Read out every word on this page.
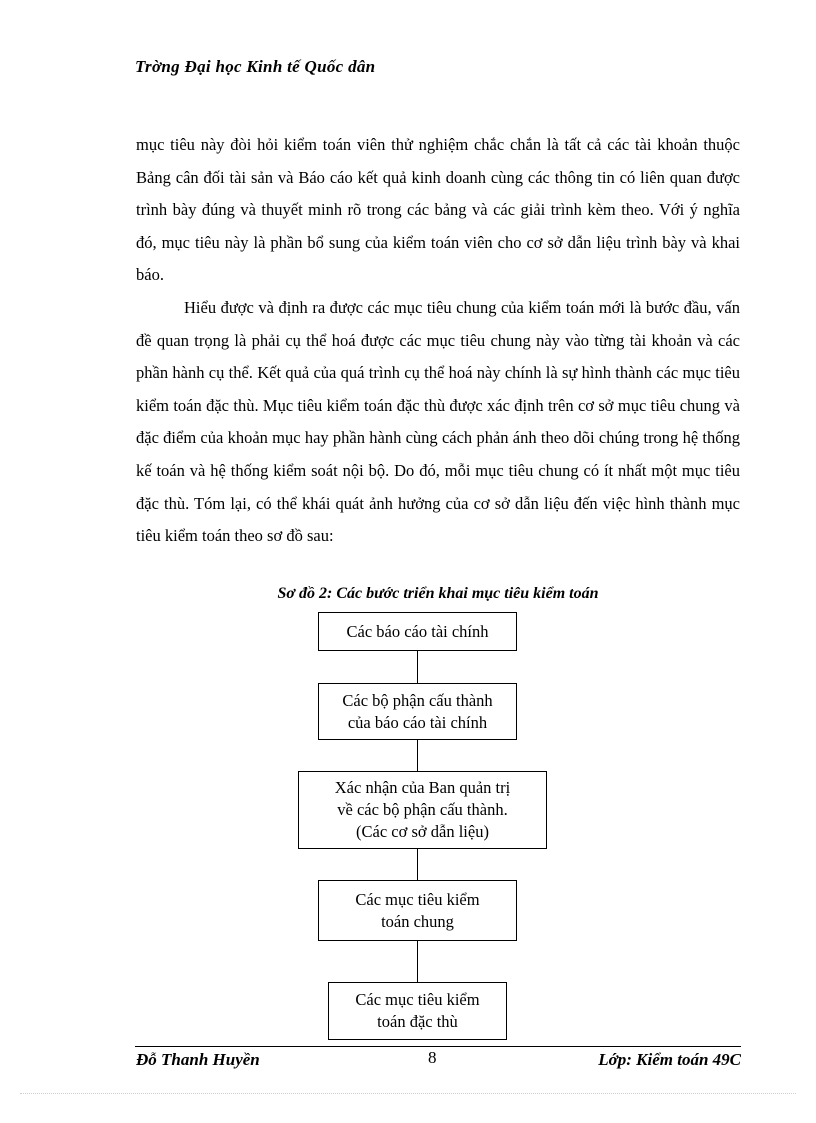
Trờng Đại học Kinh tế Quốc dân

mục tiêu này đòi hỏi kiểm toán viên thử nghiệm chắc chắn là tất cả các tài khoản thuộc Bảng cân đối tài sản và Báo cáo kết quả kinh doanh cùng các thông tin có liên quan được trình bày đúng và thuyết minh rõ trong các bảng và các giải trình kèm theo. Với ý nghĩa đó, mục tiêu này là phần bổ sung của kiểm toán viên cho cơ sở dẫn liệu trình bày và khai báo.

Hiểu được và định ra được các mục tiêu chung của kiểm toán mới là bước đầu, vấn đề quan trọng là phải cụ thể hoá được các mục tiêu chung này vào từng tài khoản và các phần hành cụ thể. Kết quả của quá trình cụ thể hoá này chính là sự hình thành các mục tiêu kiểm toán đặc thù. Mục tiêu kiểm toán đặc thù được xác định trên cơ sở mục tiêu chung và đặc điểm của khoản mục hay phần hành cùng cách phản ánh theo dõi chúng trong hệ thống kế toán và hệ thống kiểm soát nội bộ. Do đó, mỗi mục tiêu chung có ít nhất một mục tiêu đặc thù. Tóm lại, có thể khái quát ảnh hưởng của cơ sở dẫn liệu đến việc hình thành mục tiêu kiểm toán theo sơ đồ sau:

Sơ đồ 2: Các bước triển khai mục tiêu kiểm toán
Các báo cáo tài chính
Các bộ phận cấu thành
của báo cáo tài chính
Xác nhận của Ban quản trị
về các bộ phận cấu thành.
(Các cơ sở dẫn liệu)
Các mục tiêu kiểm
toán chung
Các mục tiêu kiểm
toán đặc thù
Đỗ Thanh Huyền	8	Lớp: Kiểm toán 49C
